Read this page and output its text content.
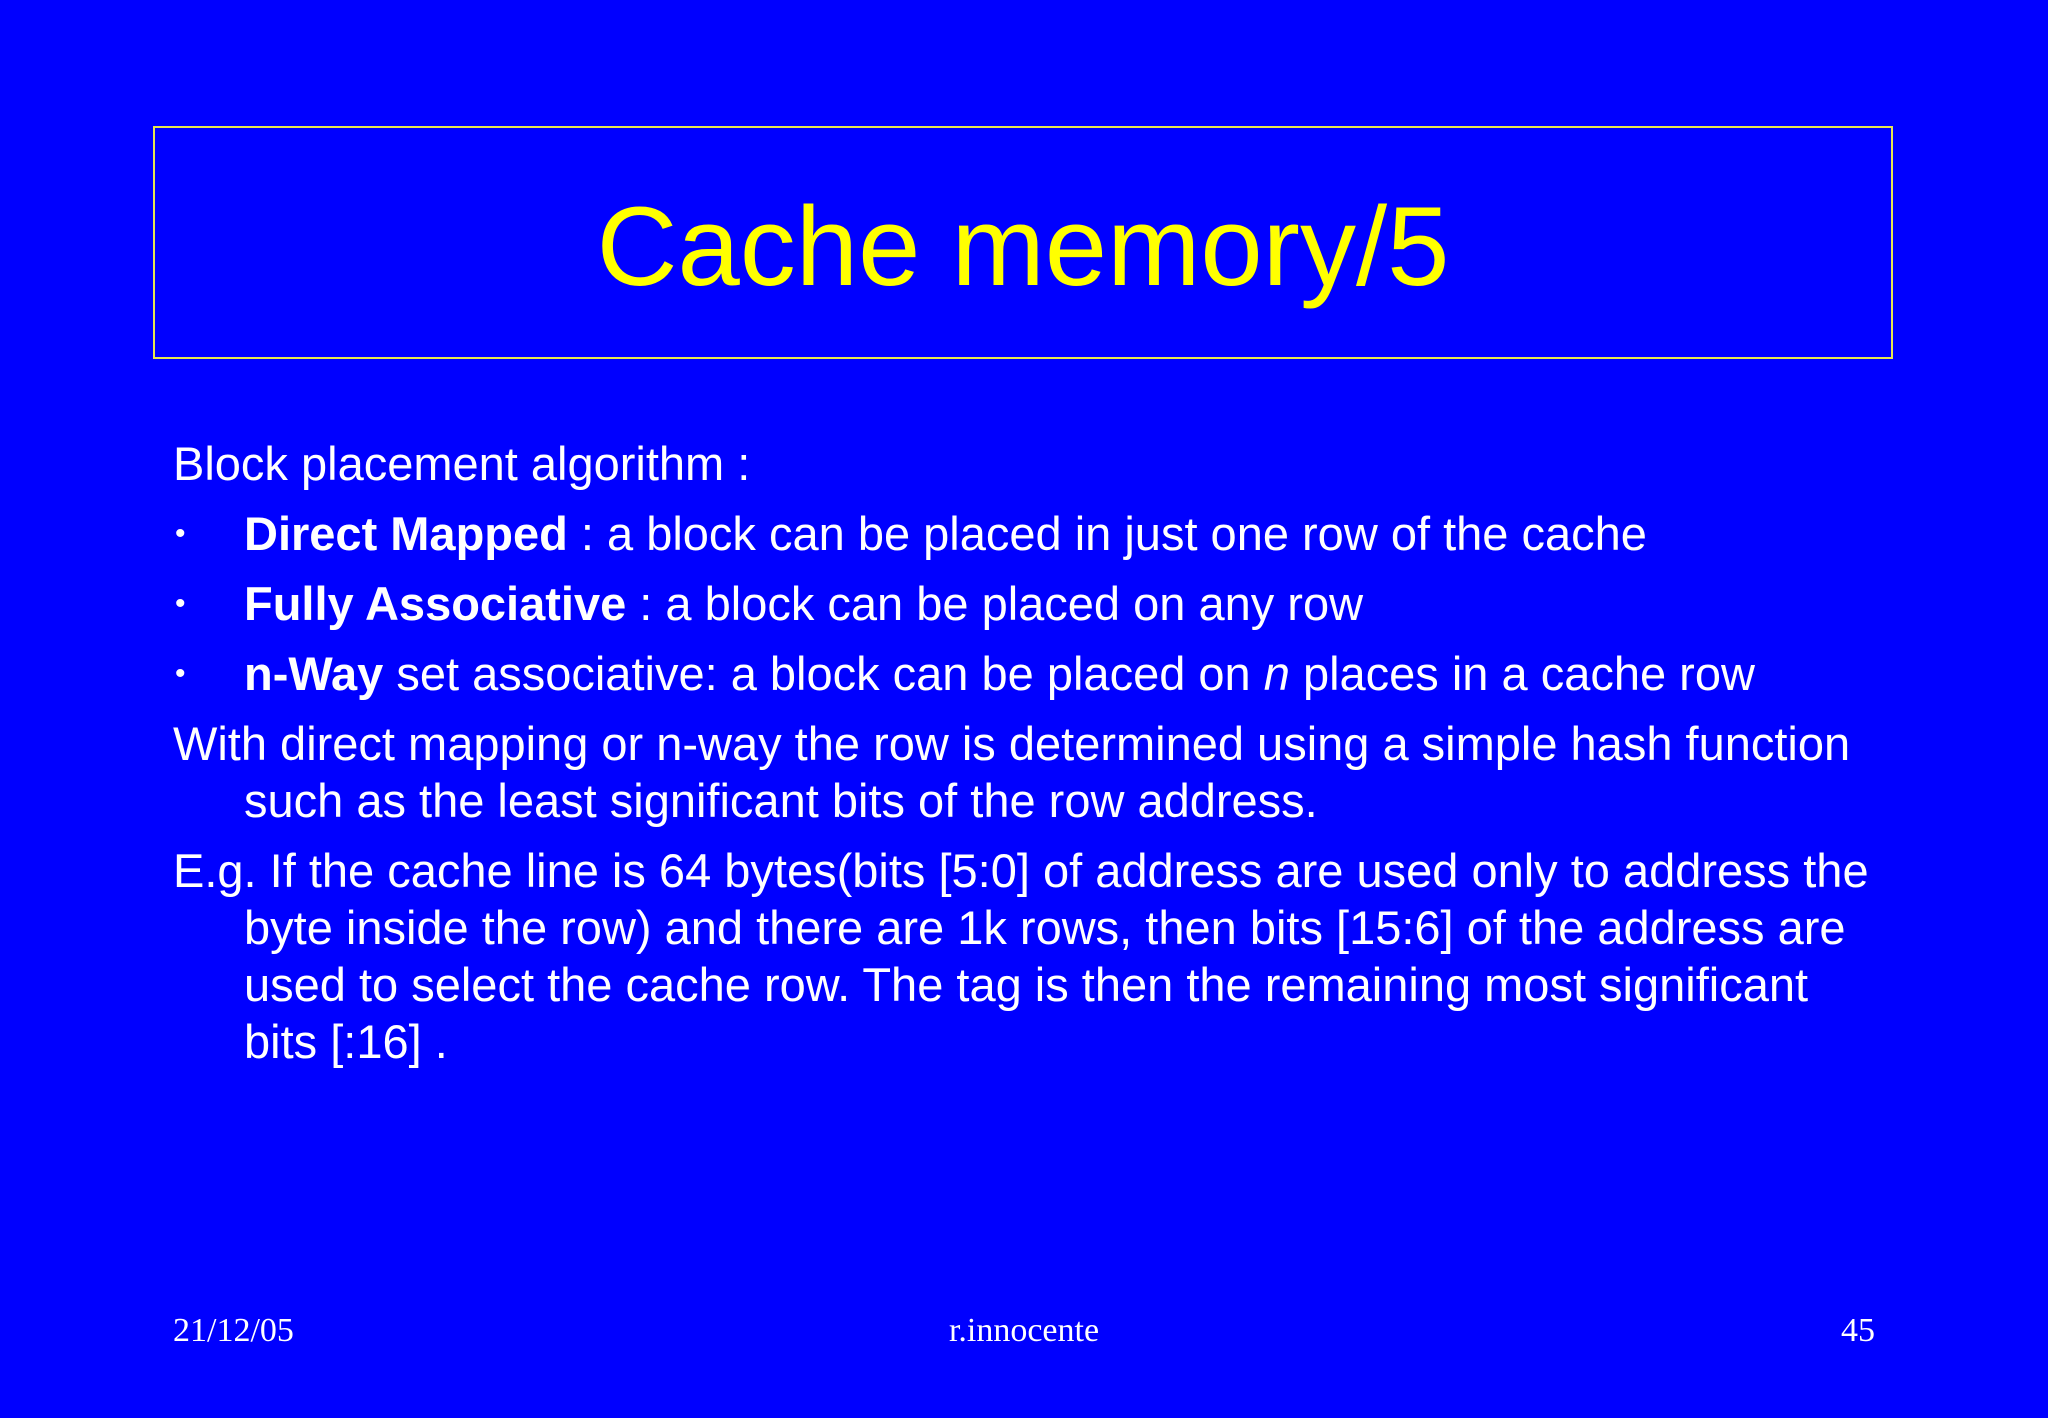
Cache memory/5

Block placement algorithm :

• Direct Mapped : a block can be placed in just one row of the cache
• Fully Associative : a block can be placed on any row
• n-Way set associative: a block can be placed on n places in a cache row

With direct mapping or n-way the row is determined using a simple hash function such as the least significant bits of the row address.

E.g. If the cache line is 64 bytes(bits [5:0] of address are used only to address the byte inside the row) and there are 1k rows, then bits [15:6] of the address are used to select the cache row. The tag is then the remaining most significant bits [:16] .

21/12/05	r.innocente	45
